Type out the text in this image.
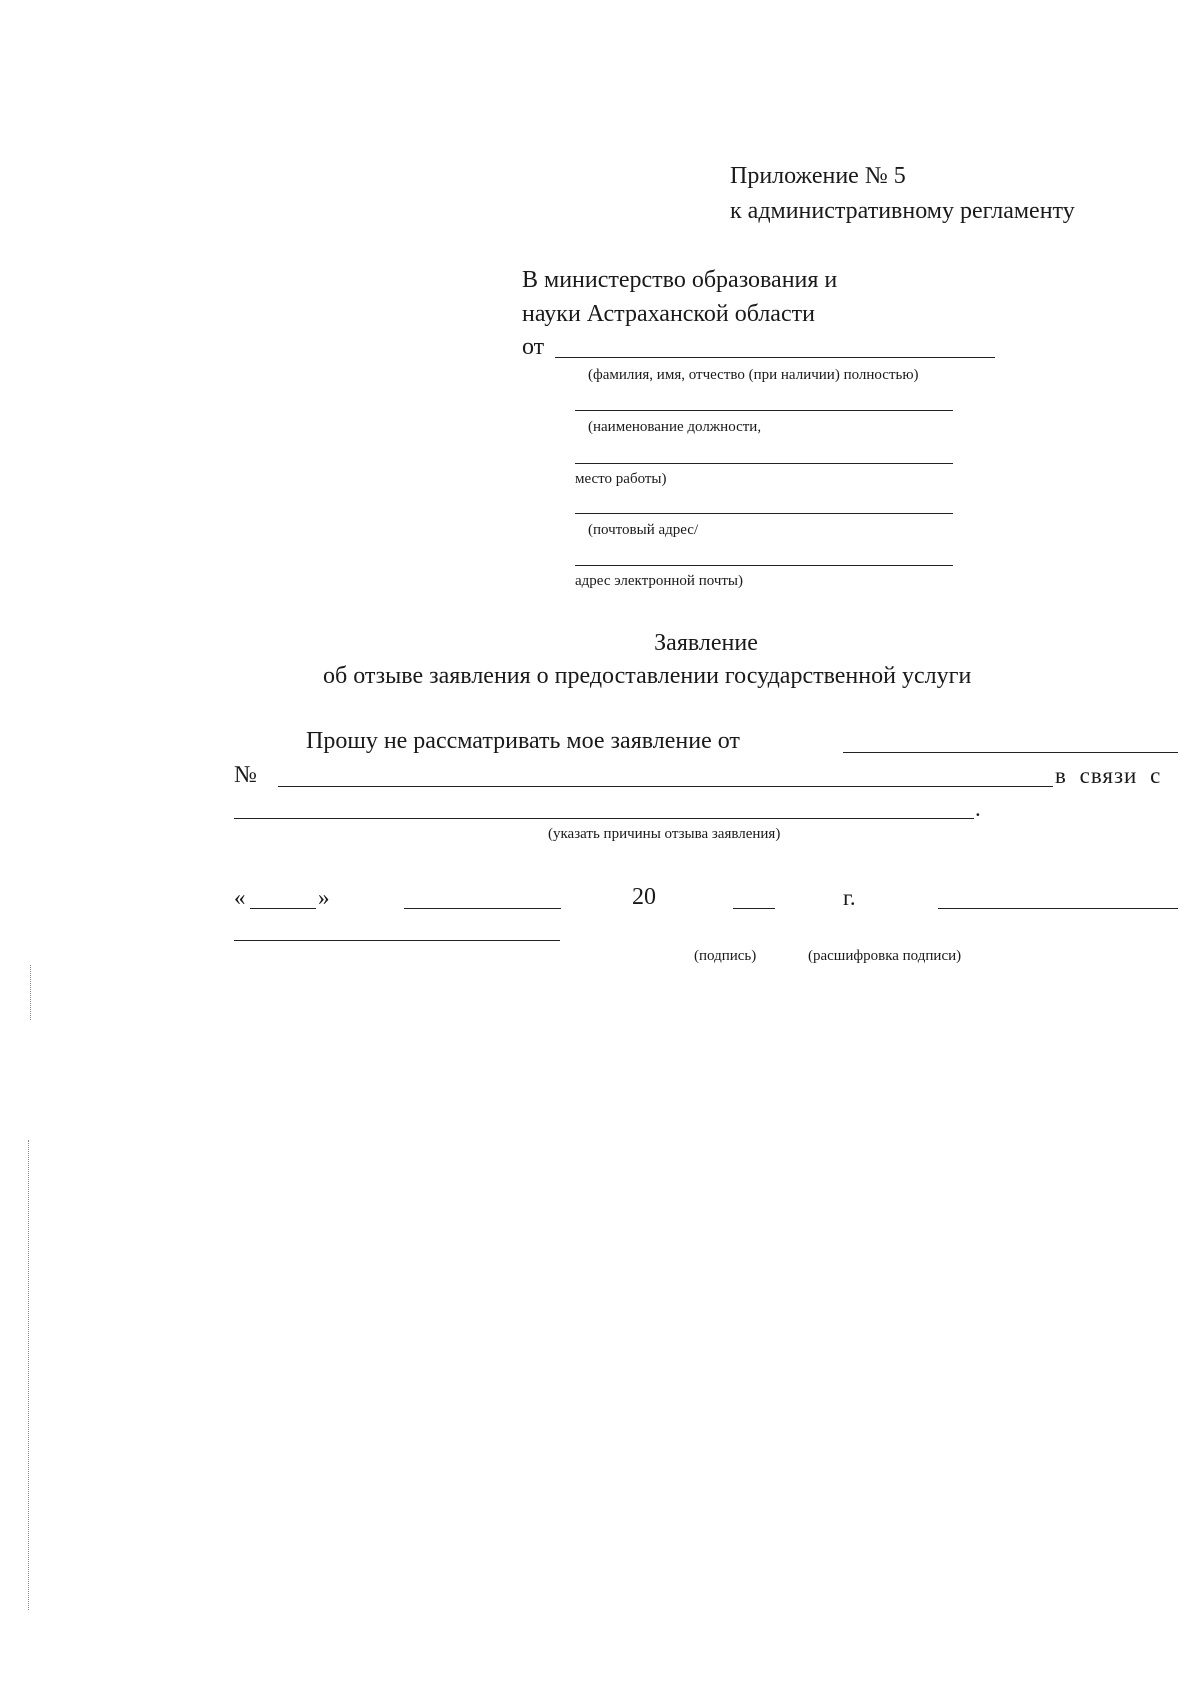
Приложение № 5
к административному регламенту
В министерство образования и
науки Астраханской области
от
(фамилия, имя, отчество (при наличии) полностью)
(наименование должности,
место работы)
(почтовый адрес/
адрес электронной почты)
Заявление
об отзыве заявления о предоставлении государственной услуги
Прошу не рассматривать мое заявление от
№	в связи с
.
(указать причины отзыва заявления)
«	»	20	г.
(подпись)	(расшифровка подписи)
